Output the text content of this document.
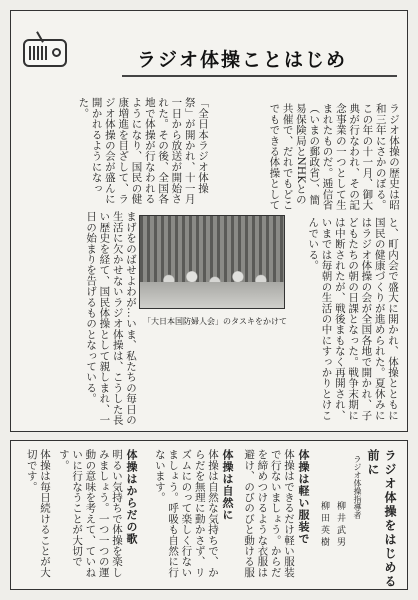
ラジオ体操ことはじめ
ラジオ体操の歴史は昭和三年にさかのぼる。この年の十一月、御大典が行なわれ、その記念事業の一つとして生まれたものだ。逓信省（いまの郵政省）、簡易保険局とNHKとの共催で、だれでもどこでもできる体操として
「全日本ラジオ体操祭」が開かれ、十一月一日から放送が開始された。その後、全国各地で体操が行なわれるようになり、国民の健康増進を目ざして、ラジオ体操の会が盛んに開かれるようになった。
「大日本国防婦人会」のタスキをかけて	と、町内会で盛大に開かれ、体操とともに国民の健康づくりが進められた。夏休みにはラジオ体操の会が全国各地で開かれ、子どもたちの朝の日課となった。戦争末期には中断されたが、戦後まもなく再開され、いまでは毎朝の生活の中にすっかりとけこんでいる。
まげをのばせよわが...いま、私たちの毎日の生活に欠かせないラジオ体操は、こうした長い歴史を経て、国民体操として親しまれ、一日の始まりを告げるものとなっている。
ラジオ体操をはじめる前に
ラジオ体操指導者
柳井武男
柳田英樹
体操は軽い服装で
体操はできるだけ軽い服装で行ないましょう。からだを締めつけるような衣服は避け、のびのびと動ける服
体操は自然に
体操は自然な気持ちで、からだを無理に動かさず、リズムにのって楽しく行ないましょう。呼吸も自然に行ないます。
体操はからだの歌
明るい気持ちで体操を楽しみましょう。一つ一つの運動の意味を考えて、ていねいに行なうことが大切です。
体操は毎日続けることが大切です。
